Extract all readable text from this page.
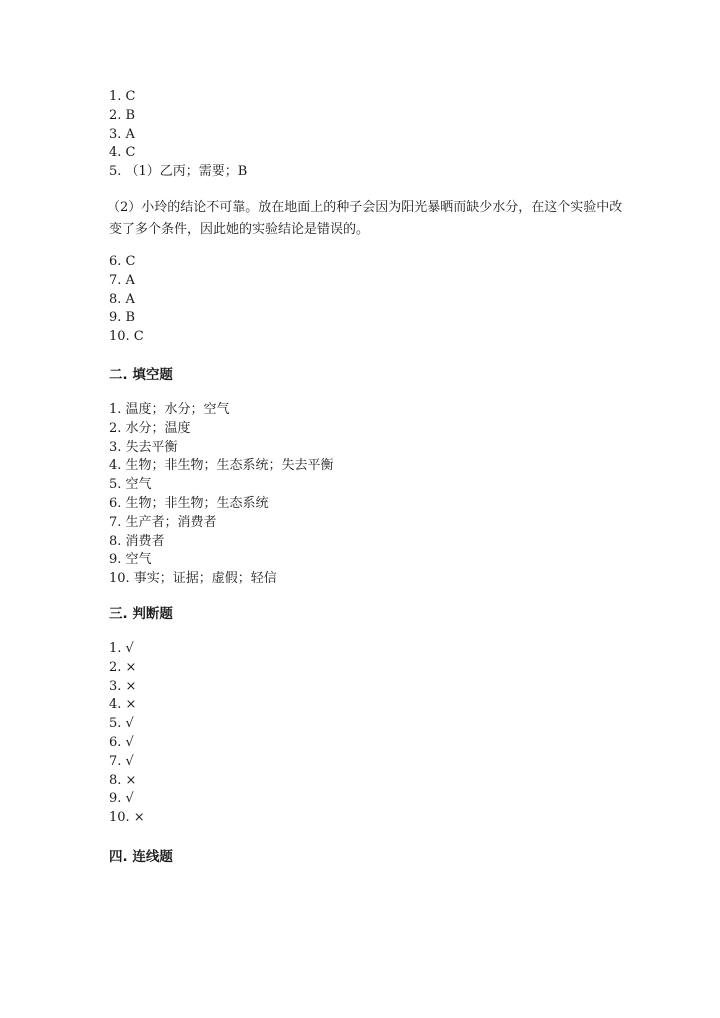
1. C
2. B
3. A
4. C
5. （1）乙丙；需要；B
（2）小玲的结论不可靠。放在地面上的种子会因为阳光暴晒而缺少水分，在这个实验中改变了多个条件，因此她的实验结论是错误的。
6. C
7. A
8. A
9. B
10. C
二. 填空题
1. 温度；水分；空气
2. 水分；温度
3. 失去平衡
4. 生物；非生物；生态系统；失去平衡
5. 空气
6. 生物；非生物；生态系统
7. 生产者；消费者
8. 消费者
9. 空气
10. 事实；证据；虚假；轻信
三. 判断题
1. √
2. ×
3. ×
4. ×
5. √
6. √
7. √
8. ×
9. √
10. ×
四. 连线题
